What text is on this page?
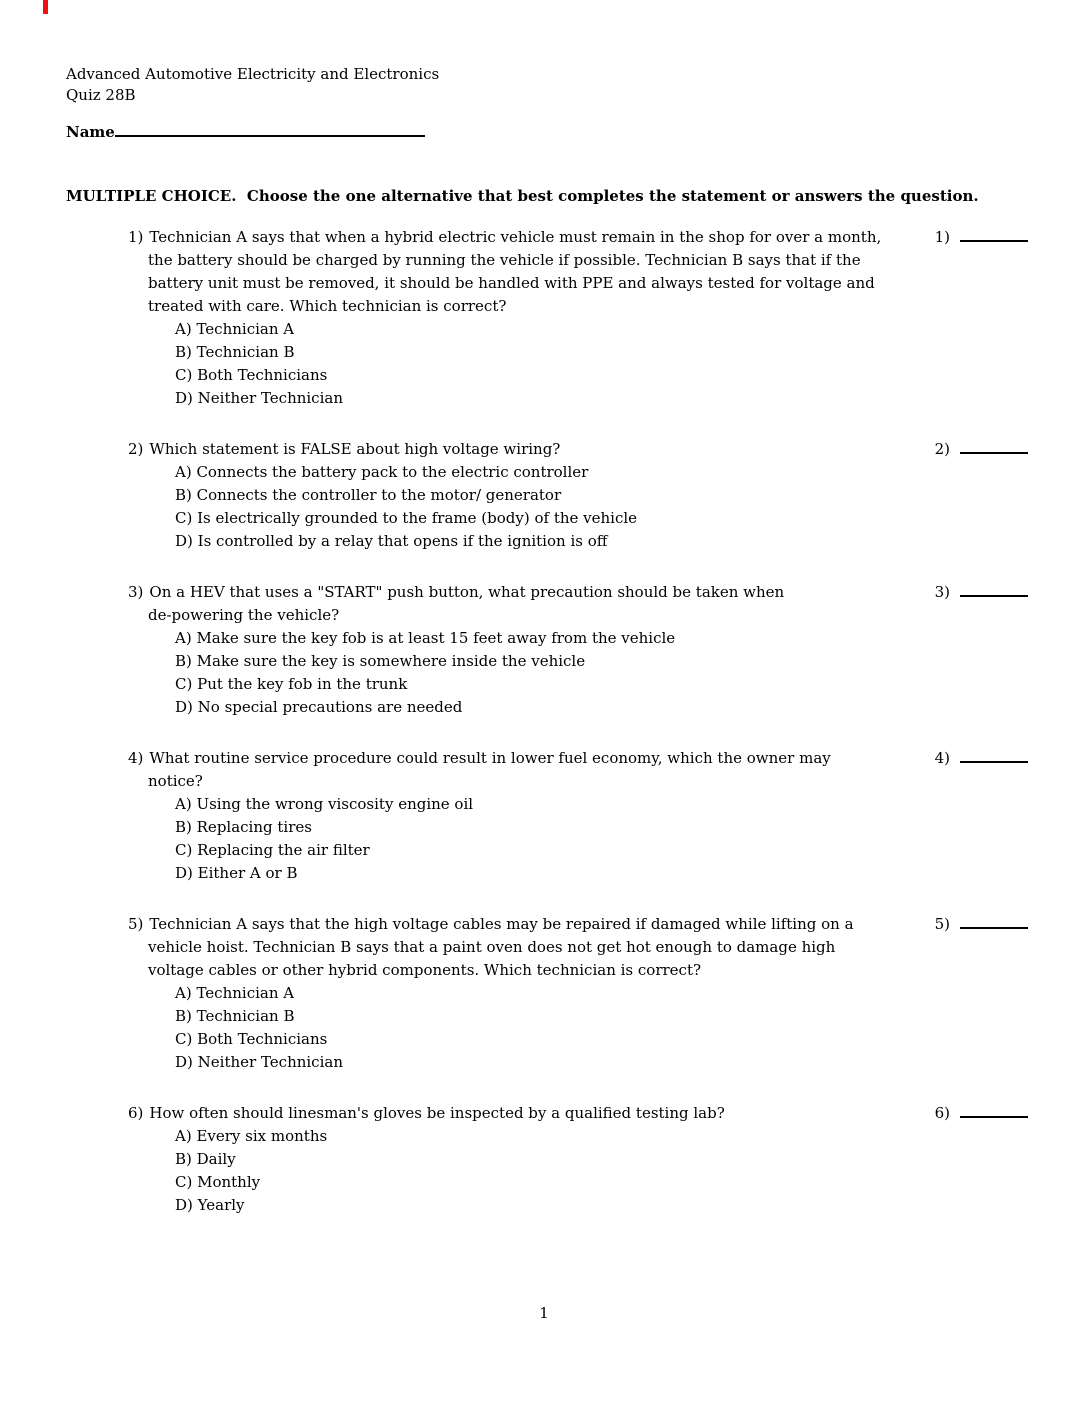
Advanced Automotive Electricity and Electronics
Quiz 28B
Name
MULTIPLE CHOICE.  Choose the one alternative that best completes the statement or answers the question.
1) Technician A says that when a hybrid electric vehicle must remain in the shop for over a month,
the battery should be charged by running the vehicle if possible. Technician B says that if the
battery unit must be removed, it should be handled with PPE and always tested for voltage and
treated with care. Which technician is correct?
A) Technician A
B) Technician B
C) Both Technicians
D) Neither Technician
1)
2) Which statement is FALSE about high voltage wiring?
A) Connects the battery pack to the electric controller
B) Connects the controller to the motor/ generator
C) Is electrically grounded to the frame (body) of the vehicle
D) Is controlled by a relay that opens if the ignition is off
2)
3) On a HEV that uses a "START" push button, what precaution should be taken when
de-powering the vehicle?
A) Make sure the key fob is at least 15 feet away from the vehicle
B) Make sure the key is somewhere inside the vehicle
C) Put the key fob in the trunk
D) No special precautions are needed
3)
4) What routine service procedure could result in lower fuel economy, which the owner may
notice?
A) Using the wrong viscosity engine oil
B) Replacing tires
C) Replacing the air filter
D) Either A or B
4)
5) Technician A says that the high voltage cables may be repaired if damaged while lifting on a
vehicle hoist. Technician B says that a paint oven does not get hot enough to damage high
voltage cables or other hybrid components. Which technician is correct?
A) Technician A
B) Technician B
C) Both Technicians
D) Neither Technician
5)
6) How often should linesman's gloves be inspected by a qualified testing lab?
A) Every six months
B) Daily
C) Monthly
D) Yearly
6)
1
